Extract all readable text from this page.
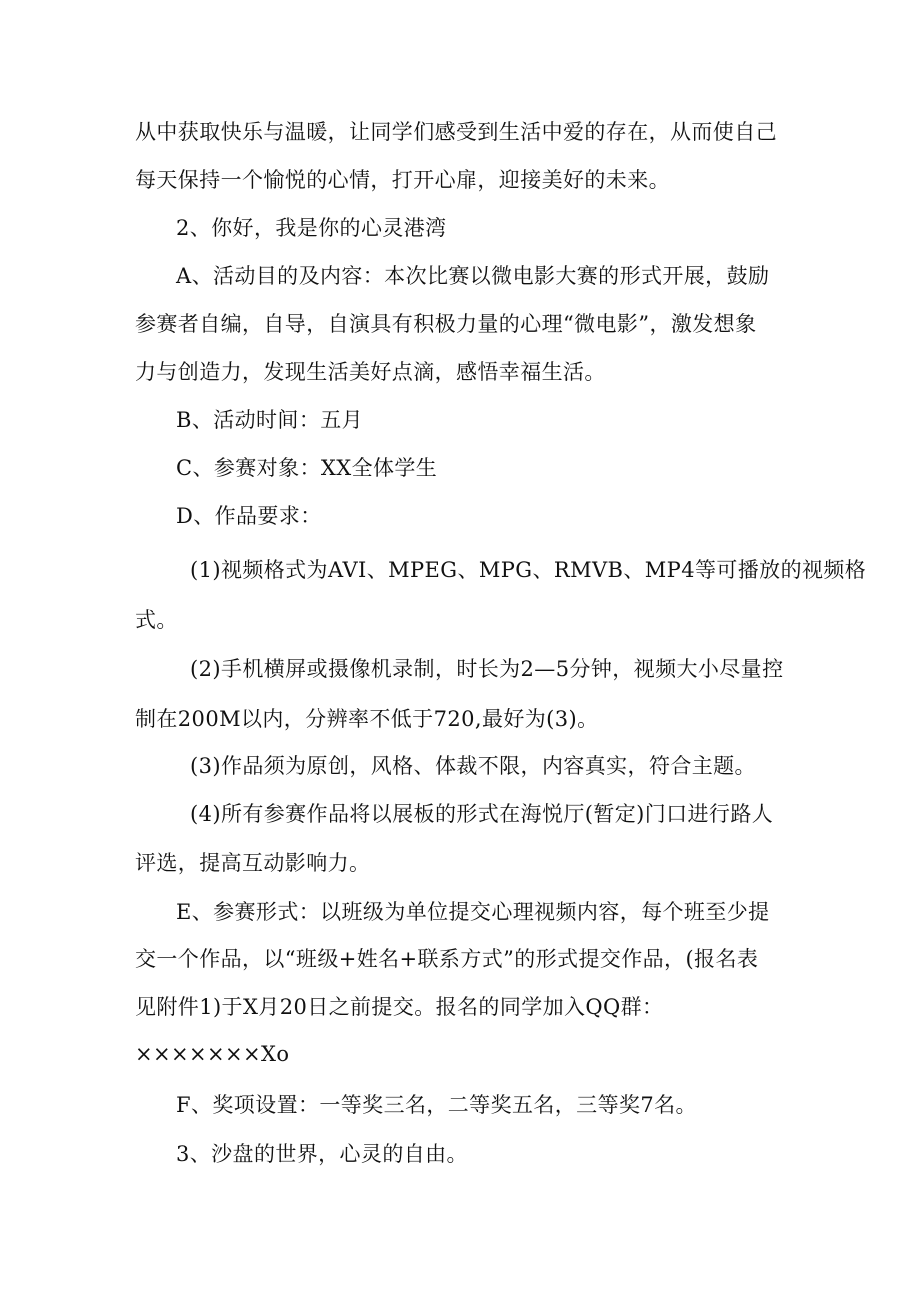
从中获取快乐与温暖，让同学们感受到生活中爱的存在，从而使自己
每天保持一个愉悦的心情，打开心扉，迎接美好的未来。
2、你好，我是你的心灵港湾
A、活动目的及内容：本次比赛以微电影大赛的形式开展，鼓励
参赛者自编，自导，自演具有积极力量的心理“微电影”，激发想象
力与创造力，发现生活美好点滴，感悟幸福生活。
B、活动时间：五月
C、参赛对象：XX全体学生
D、作品要求：
(1)视频格式为AVI、MPEG、MPG、RMVB、MP4等可播放的视频格
式。
(2)手机横屏或摄像机录制，时长为2—5分钟，视频大小尽量控
制在200M以内，分辨率不低于720,最好为(3)。
(3)作品须为原创，风格、体裁不限，内容真实，符合主题。
(4)所有参赛作品将以展板的形式在海悦厅(暂定)门口进行路人
评选，提高互动影响力。
E、参赛形式：以班级为单位提交心理视频内容，每个班至少提
交一个作品，以“班级+姓名+联系方式”的形式提交作品，(报名表
见附件1)于X月20日之前提交。报名的同学加入QQ群：
×××××××Xo
F、奖项设置：一等奖三名，二等奖五名，三等奖7名。
3、沙盘的世界，心灵的自由。
